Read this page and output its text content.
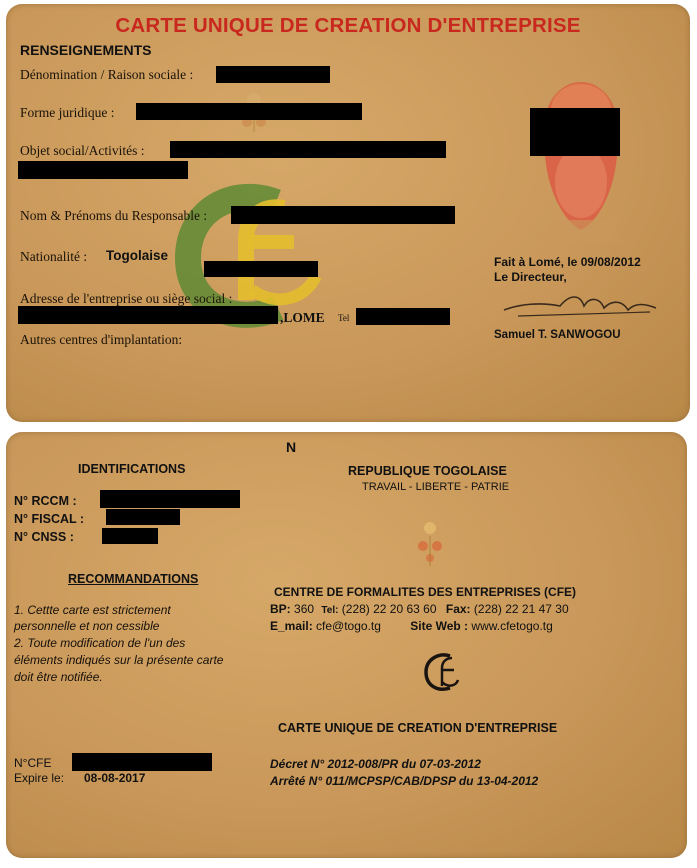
CARTE UNIQUE DE CREATION D'ENTREPRISE
RENSEIGNEMENTS
Dénomination / Raison sociale :
Forme juridique :
Objet social/Activités :
Nom & Prénoms du Responsable :
Nationalité : Togolaise
Adresse de l'entreprise ou siège social :
,LOME Tel
Autres centres d'implantation:
Fait à Lomé, le 09/08/2012
Le Directeur,
Samuel T. SANWOGOU
N
IDENTIFICATIONS
N° RCCM :
N° FISCAL :
N° CNSS :
RECOMMANDATIONS
1. Cettte carte est strictement
personnelle et non cessible
2. Toute modification de l'un des
éléments indiqués sur la présente carte
doit être notifiée.
N°CFE
Expire le: 08-08-2017
REPUBLIQUE TOGOLAISE
TRAVAIL - LIBERTE - PATRIE
CENTRE DE FORMALITES DES ENTREPRISES (CFE)
BP: 360 Tel: (228) 22 20 63 60 Fax: (228) 22 21 47 30
E_mail: cfe@togo.tg Site Web : www.cfetogo.tg
CARTE UNIQUE DE CREATION D'ENTREPRISE
Décret N° 2012-008/PR du 07-03-2012
Arrêté N° 011/MCPSP/CAB/DPSP du 13-04-2012
